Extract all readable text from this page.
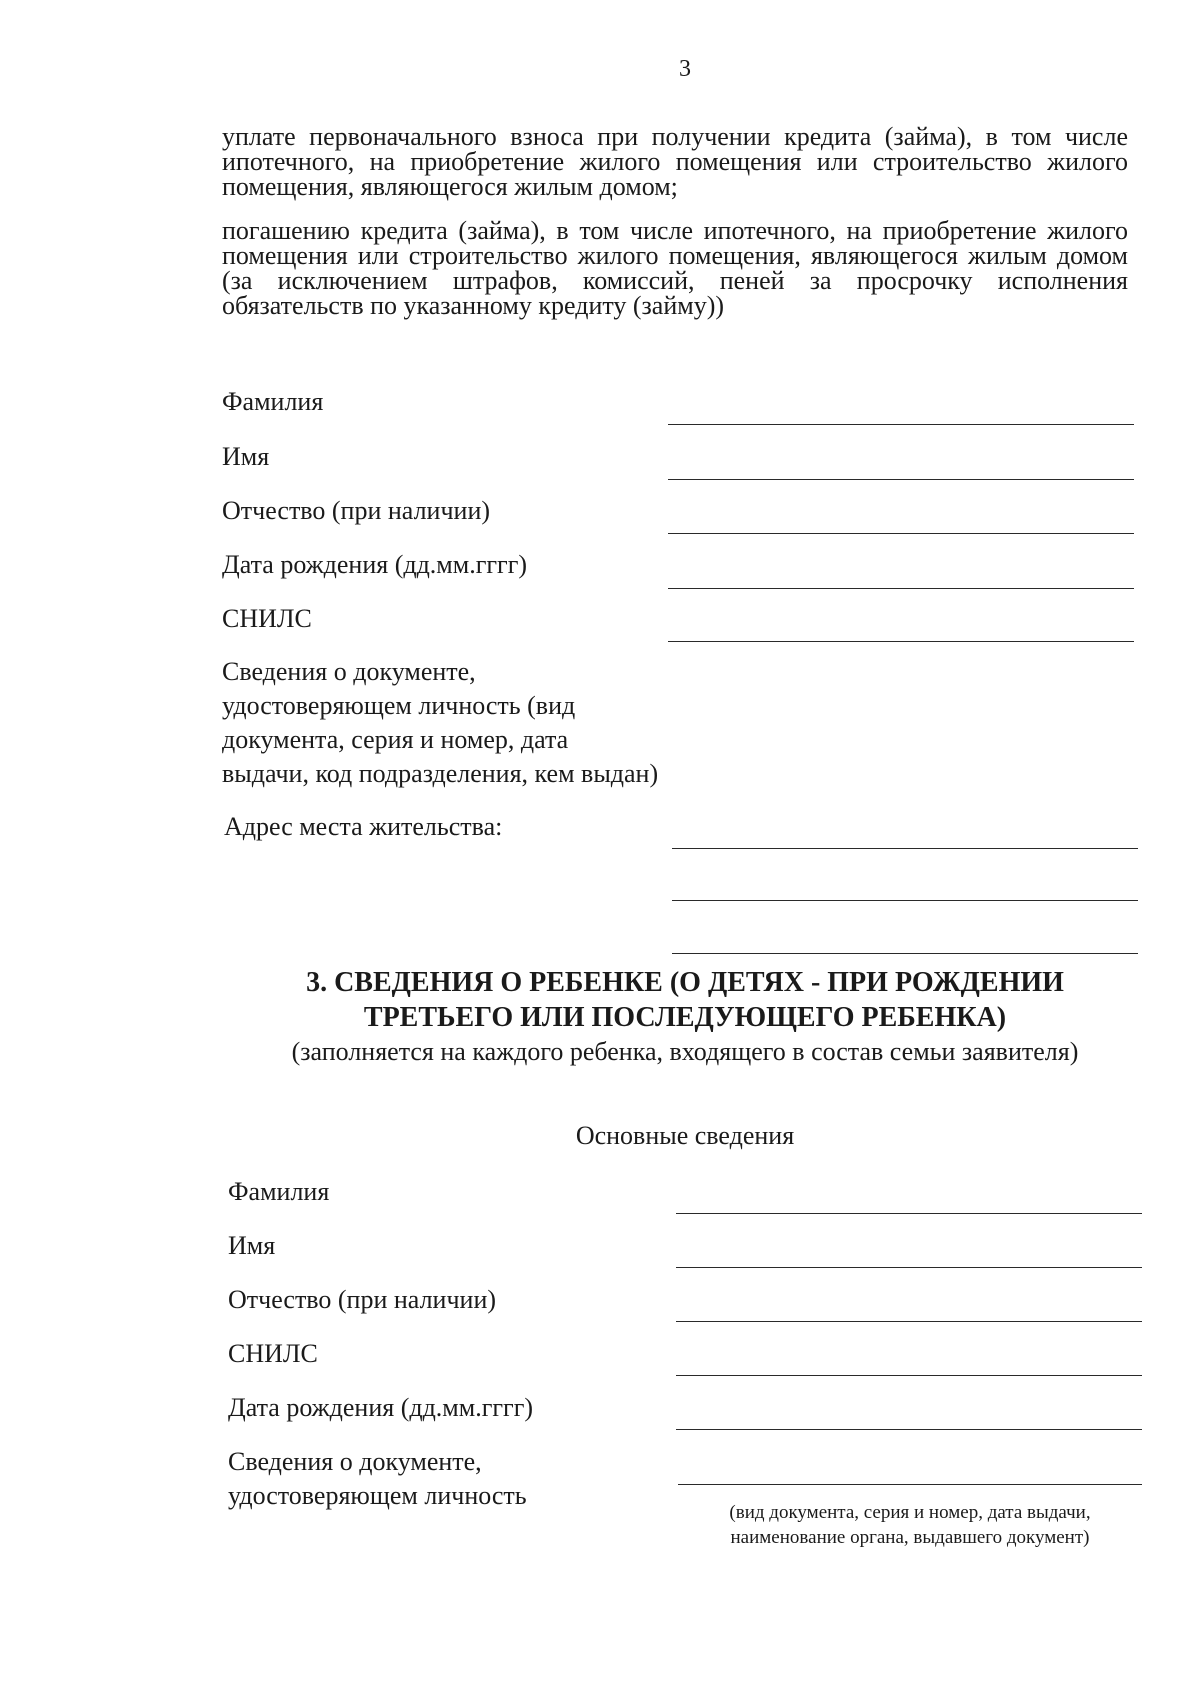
3

уплате первоначального взноса при получении кредита (займа), в том числе ипотечного, на приобретение жилого помещения или строительство жилого помещения, являющегося жилым домом;

погашению кредита (займа), в том числе ипотечного, на приобретение жилого помещения или строительство жилого помещения, являющегося жилым домом (за исключением штрафов, комиссий, пеней за просрочку исполнения обязательств по указанному кредиту (займу))

Фамилия
Имя
Отчество (при наличии)
Дата рождения (дд.мм.гггг)
СНИЛС
Сведения о документе,
удостоверяющем личность (вид
документа, серия и номер, дата
выдачи, код подразделения, кем выдан)
Адрес места жительства:
3. СВЕДЕНИЯ О РЕБЕНКЕ (О ДЕТЯХ - ПРИ РОЖДЕНИИ
ТРЕТЬЕГО ИЛИ ПОСЛЕДУЮЩЕГО РЕБЕНКА)
(заполняется на каждого ребенка, входящего в состав семьи заявителя)
Основные сведения
Фамилия
Имя
Отчество (при наличии)
СНИЛС
Дата рождения (дд.мм.гггг)
Сведения о документе,
удостоверяющем личность
(вид документа, серия и номер, дата выдачи,
наименование органа, выдавшего документ)
